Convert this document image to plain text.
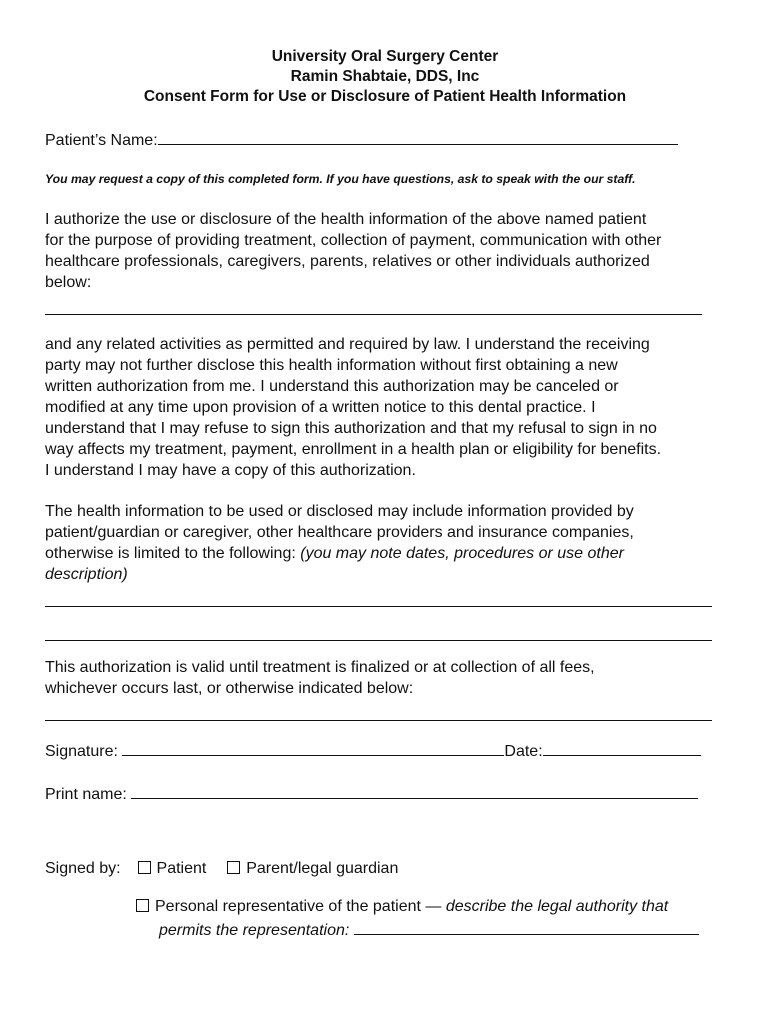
University Oral Surgery Center
Ramin Shabtaie, DDS, Inc
Consent Form for Use or Disclosure of Patient Health Information
Patient’s Name:
You may request a copy of this completed form. If you have questions, ask to speak with the our staff.
I authorize the use or disclosure of the health information of the above named patient
for the purpose of providing treatment, collection of payment, communication with other
healthcare professionals, caregivers, parents, relatives or other individuals authorized
below:
and any related activities as permitted and required by law. I understand the receiving
party may not further disclose this health information without first obtaining a new
written authorization from me. I understand this authorization may be canceled or
modified at any time upon provision of a written notice to this dental practice. I
understand that I may refuse to sign this authorization and that my refusal to sign in no
way affects my treatment, payment, enrollment in a health plan or eligibility for benefits.
I understand I may have a copy of this authorization.
The health information to be used or disclosed may include information provided by
patient/guardian or caregiver, other healthcare providers and insurance companies,
otherwise is limited to the following: (you may note dates, procedures or use other
description)
This authorization is valid until treatment is finalized or at collection of all fees,
whichever occurs last, or otherwise indicated below:
Signature:	Date:
Print name:
Signed by: Patient Parent/legal guardian
Personal representative of the patient — describe the legal authority that
permits the representation:
